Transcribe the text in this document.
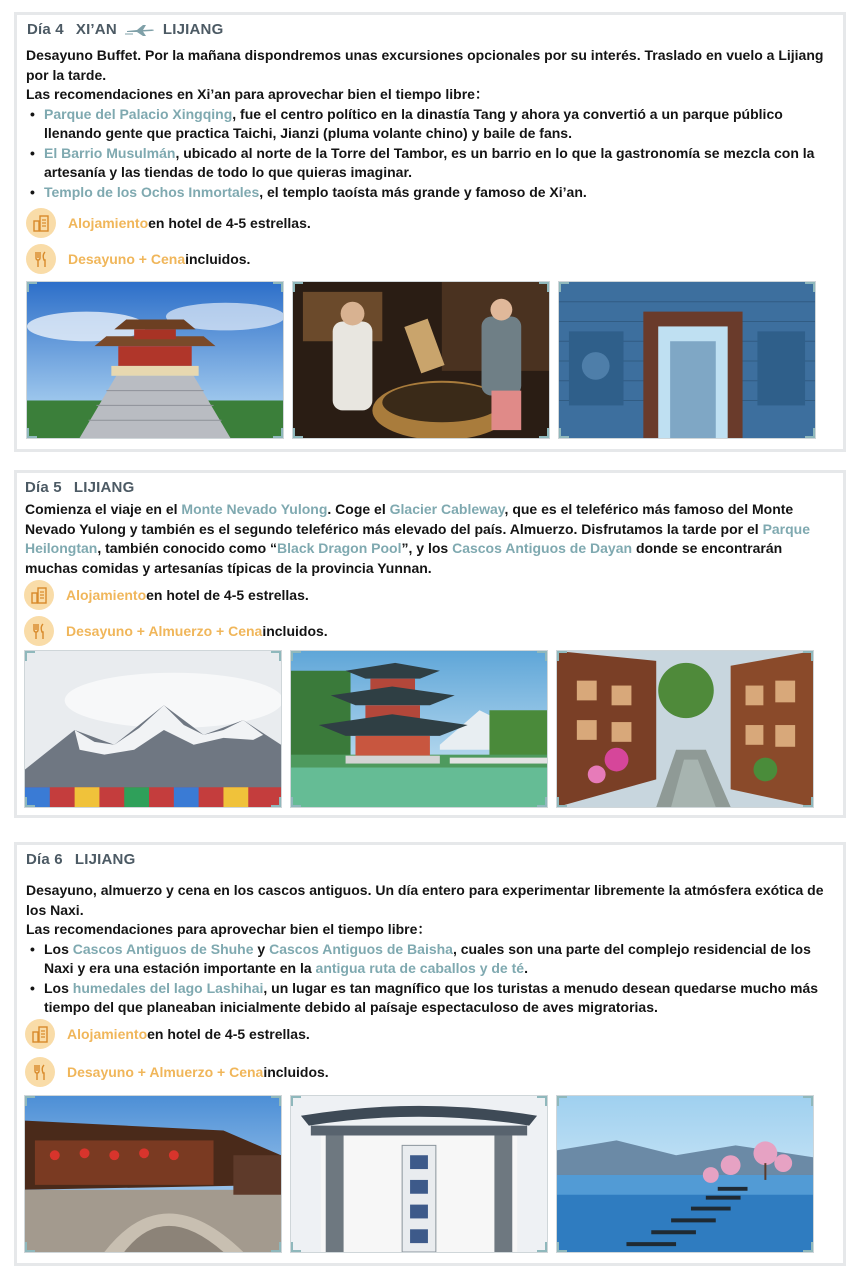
Día 4 XI’AN	LIJIANG

Desayuno Buffet. Por la mañana dispondremos unas excursiones opcionales por su interés. Traslado en vuelo a Lijiang por la tarde.

Las recomendaciones en Xi’an para aprovechar bien el tiempo libre：

• Parque del Palacio Xingqing, fue el centro político en la dinastía Tang y ahora ya convertió a un parque público llenando gente que practica Taichi, Jianzi (pluma volante chino) y baile de fans.
• El Barrio Musulmán, ubicado al norte de la Torre del Tambor, es un barrio en lo que la gastronomía se mezcla con la artesanía y las tiendas de todo lo que quieras imaginar.
• Templo de los Ochos Inmortales, el templo taoísta más grande y famoso de Xi’an.
Alojamiento en hotel de 4-5 estrellas.
Desayuno + Cena incluidos.
Día 5 LIJIANG

Comienza el viaje en el Monte Nevado Yulong. Coge el Glacier Cableway, que es el teleférico más famoso del Monte Nevado Yulong y también es el segundo teleférico más elevado del país. Almuerzo. Disfrutamos la tarde por el Parque Heilongtan, también conocido como “Black Dragon Pool”, y los Cascos Antiguos de Dayan donde se encontrarán muchas comidas y artesanías típicas de la provincia Yunnan.

Alojamiento en hotel de 4-5 estrellas.
Desayuno + Almuerzo + Cena incluidos.
Día 6 LIJIANG

Desayuno, almuerzo y cena en los cascos antiguos. Un día entero para experimentar libremente la atmósfera exótica de los Naxi.

Las recomendaciones para aprovechar bien el tiempo libre：

• Los Cascos Antiguos de Shuhe y Cascos Antiguos de Baisha, cuales son una parte del complejo residencial de los Naxi y era una estación importante en la antigua ruta de caballos y de té.
• Los humedales del lago Lashihai, un lugar es tan magnífico que los turistas a menudo desean quedarse mucho más tiempo del que planeaban inicialmente debido al paísaje espectaculoso de aves migratorias.
Alojamiento en hotel de 4-5 estrellas.
Desayuno + Almuerzo + Cena incluidos.
